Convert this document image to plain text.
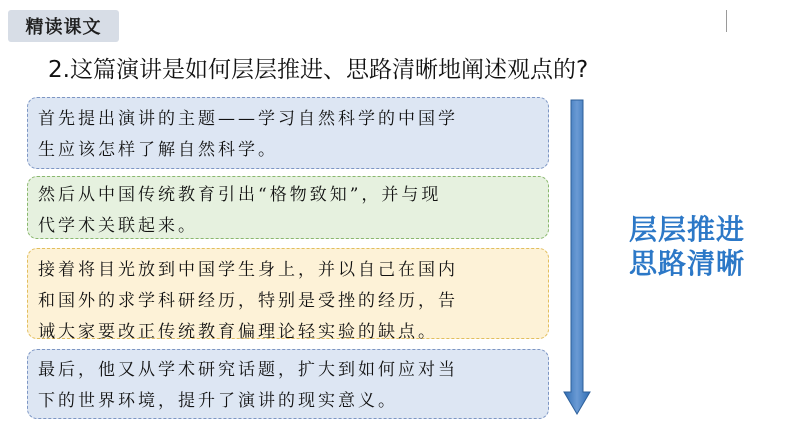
精读课文
2.这篇演讲是如何层层推进、思路清晰地阐述观点的?
首先提出演讲的主题——学习自然科学的中国学
生应该怎样了解自然科学。
然后从中国传统教育引出“格物致知”，并与现
代学术关联起来。
接着将目光放到中国学生身上，并以自己在国内
和国外的求学科研经历，特别是受挫的经历，告
诫大家要改正传统教育偏理论轻实验的缺点。
最后，他又从学术研究话题，扩大到如何应对当
下的世界环境，提升了演讲的现实意义。
层层推进
思路清晰
